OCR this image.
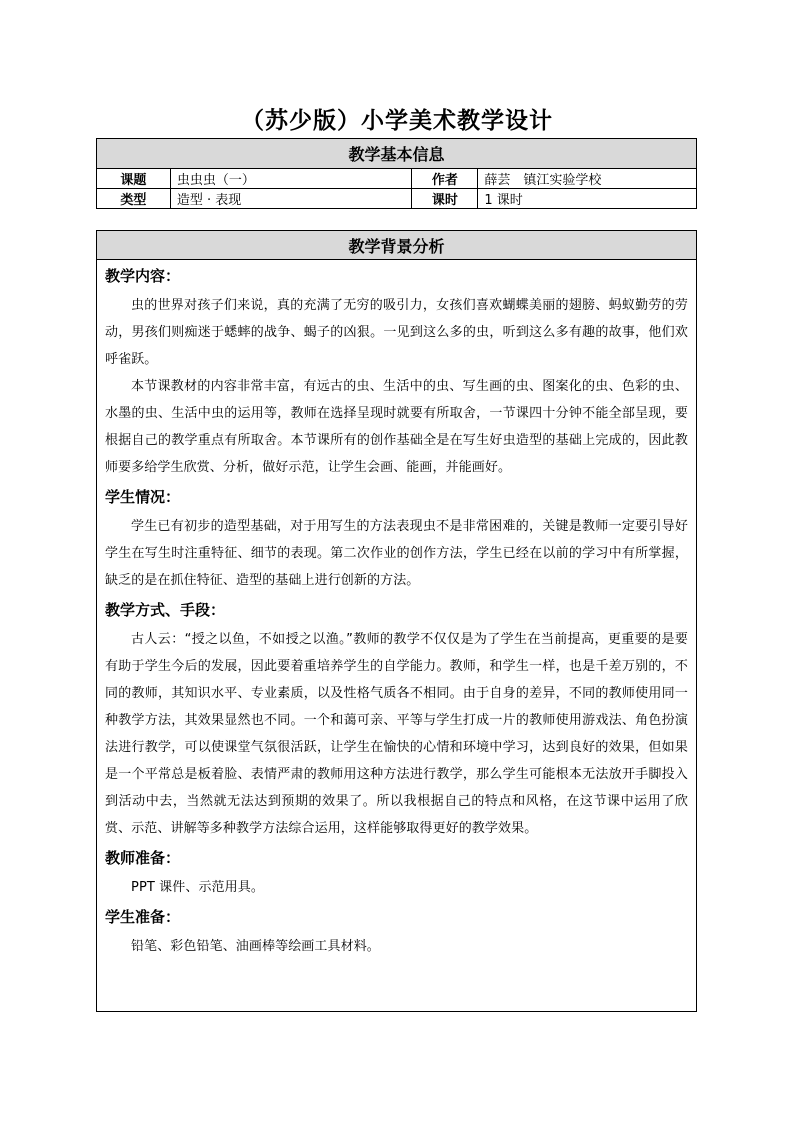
（苏少版）小学美术教学设计
教学基本信息			
课题	虫虫虫（一）	作者	薛芸　镇江实验学校
类型	造型 · 表现	课时	1 课时
教学背景分析

教学内容：

虫的世界对孩子们来说，真的充满了无穷的吸引力，女孩们喜欢蝴蝶美丽的翅膀、蚂蚁勤劳的劳动，男孩们则痴迷于蟋蟀的战争、蝎子的凶狠。一见到这么多的虫，听到这么多有趣的故事，他们欢呼雀跃。

本节课教材的内容非常丰富，有远古的虫、生活中的虫、写生画的虫、图案化的虫、色彩的虫、水墨的虫、生活中虫的运用等，教师在选择呈现时就要有所取舍，一节课四十分钟不能全部呈现，要根据自己的教学重点有所取舍。本节课所有的创作基础全是在写生好虫造型的基础上完成的，因此教师要多给学生欣赏、分析，做好示范，让学生会画、能画，并能画好。

学生情况：

学生已有初步的造型基础，对于用写生的方法表现虫不是非常困难的，关键是教师一定要引导好学生在写生时注重特征、细节的表现。第二次作业的创作方法，学生已经在以前的学习中有所掌握，缺乏的是在抓住特征、造型的基础上进行创新的方法。

教学方式、手段：

古人云：“授之以鱼，不如授之以渔。”教师的教学不仅仅是为了学生在当前提高，更重要的是要有助于学生今后的发展，因此要着重培养学生的自学能力。教师，和学生一样，也是千差万别的，不同的教师，其知识水平、专业素质，以及性格气质各不相同。由于自身的差异，不同的教师使用同一种教学方法，其效果显然也不同。一个和蔼可亲、平等与学生打成一片的教师使用游戏法、角色扮演法进行教学，可以使课堂气氛很活跃，让学生在愉快的心情和环境中学习，达到良好的效果，但如果是一个平常总是板着脸、表情严肃的教师用这种方法进行教学，那么学生可能根本无法放开手脚投入到活动中去，当然就无法达到预期的效果了。所以我根据自己的特点和风格，在这节课中运用了欣赏、示范、讲解等多种教学方法综合运用，这样能够取得更好的教学效果。

教师准备：

PPT 课件、示范用具。

学生准备：

铅笔、彩色铅笔、油画棒等绘画工具材料。
